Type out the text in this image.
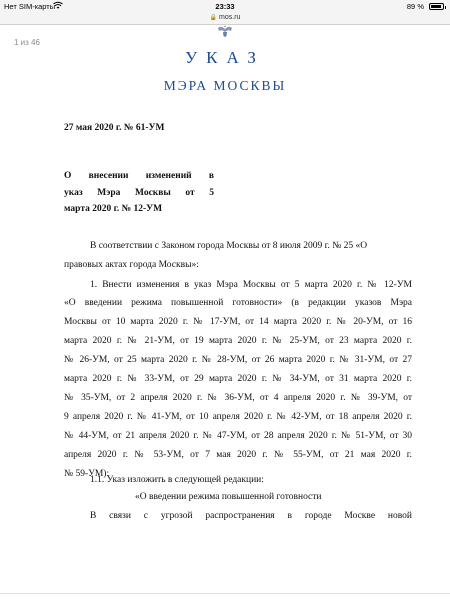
Нет SIM-карты	23:33	89 %
🔒 mos.ru
1 из 46
УКАЗ
МЭРА МОСКВЫ
27 мая 2020 г. № 61-УМ
О внесении изменений в
указ Мэра Москвы от 5
марта 2020 г. № 12-УМ
В соответствии с Законом города Москвы от 8 июля 2009 г. № 25 «О
правовых актах города Москвы»:
1. Внести изменения в указ Мэра Москвы от 5 марта 2020 г. № 12-УМ
«О введении режима повышенной готовности» (в редакции указов Мэра
Москвы от 10 марта 2020 г. № 17-УМ, от 14 марта 2020 г. № 20-УМ, от 16
марта 2020 г. № 21-УМ, от 19 марта 2020 г. № 25-УМ, от 23 марта 2020 г.
№ 26-УМ, от 25 марта 2020 г. № 28-УМ, от 26 марта 2020 г. № 31-УМ, от 27
марта 2020 г. № 33-УМ, от 29 марта 2020 г. № 34-УМ, от 31 марта 2020 г.
№ 35-УМ, от 2 апреля 2020 г. № 36-УМ, от 4 апреля 2020 г. № 39-УМ, от
9 апреля 2020 г. № 41-УМ, от 10 апреля 2020 г. № 42-УМ, от 18 апреля 2020 г.
№ 44-УМ, от 21 апреля 2020 г. № 47-УМ, от 28 апреля 2020 г. № 51-УМ, от 30
апреля 2020 г. № 53-УМ, от 7 мая 2020 г. № 55-УМ, от 21 мая 2020 г.
№ 59-УМ):
1.1. Указ изложить в следующей редакции:
«О введении режима повышенной готовности
В связи с угрозой распространения в городе Москве новой
